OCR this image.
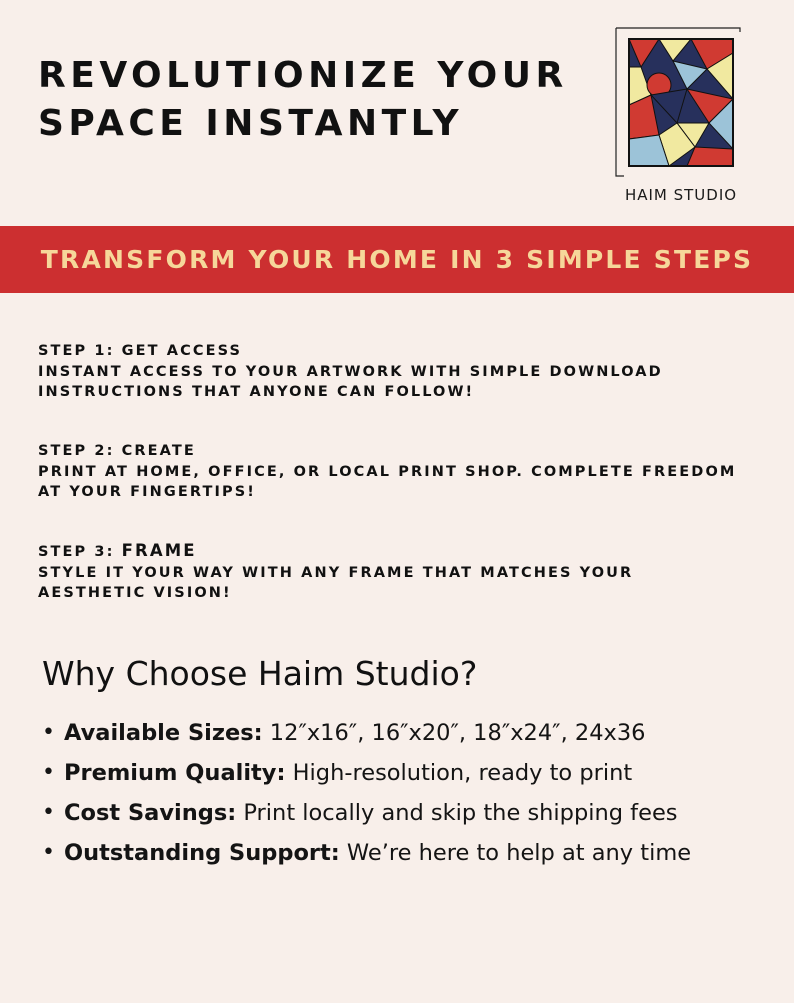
REVOLUTIONIZE YOUR
SPACE INSTANTLY
HAIM STUDIO
TRANSFORM YOUR HOME IN 3 SIMPLE STEPS
STEP 1: GET ACCESS
INSTANT ACCESS TO YOUR ARTWORK WITH SIMPLE DOWNLOAD
INSTRUCTIONS THAT ANYONE CAN FOLLOW!
STEP 2: CREATE
PRINT AT HOME, OFFICE, OR LOCAL PRINT SHOP. COMPLETE FREEDOM
AT YOUR FINGERTIPS!
STEP 3: FRAME
STYLE IT YOUR WAY WITH ANY FRAME THAT MATCHES YOUR
AESTHETIC VISION!
Why Choose Haim Studio?
• Available Sizes: 12″x16″, 16″x20″, 18″x24″, 24x36
• Premium Quality: High-resolution, ready to print
• Cost Savings: Print locally and skip the shipping fees
• Outstanding Support: We’re here to help at any time
